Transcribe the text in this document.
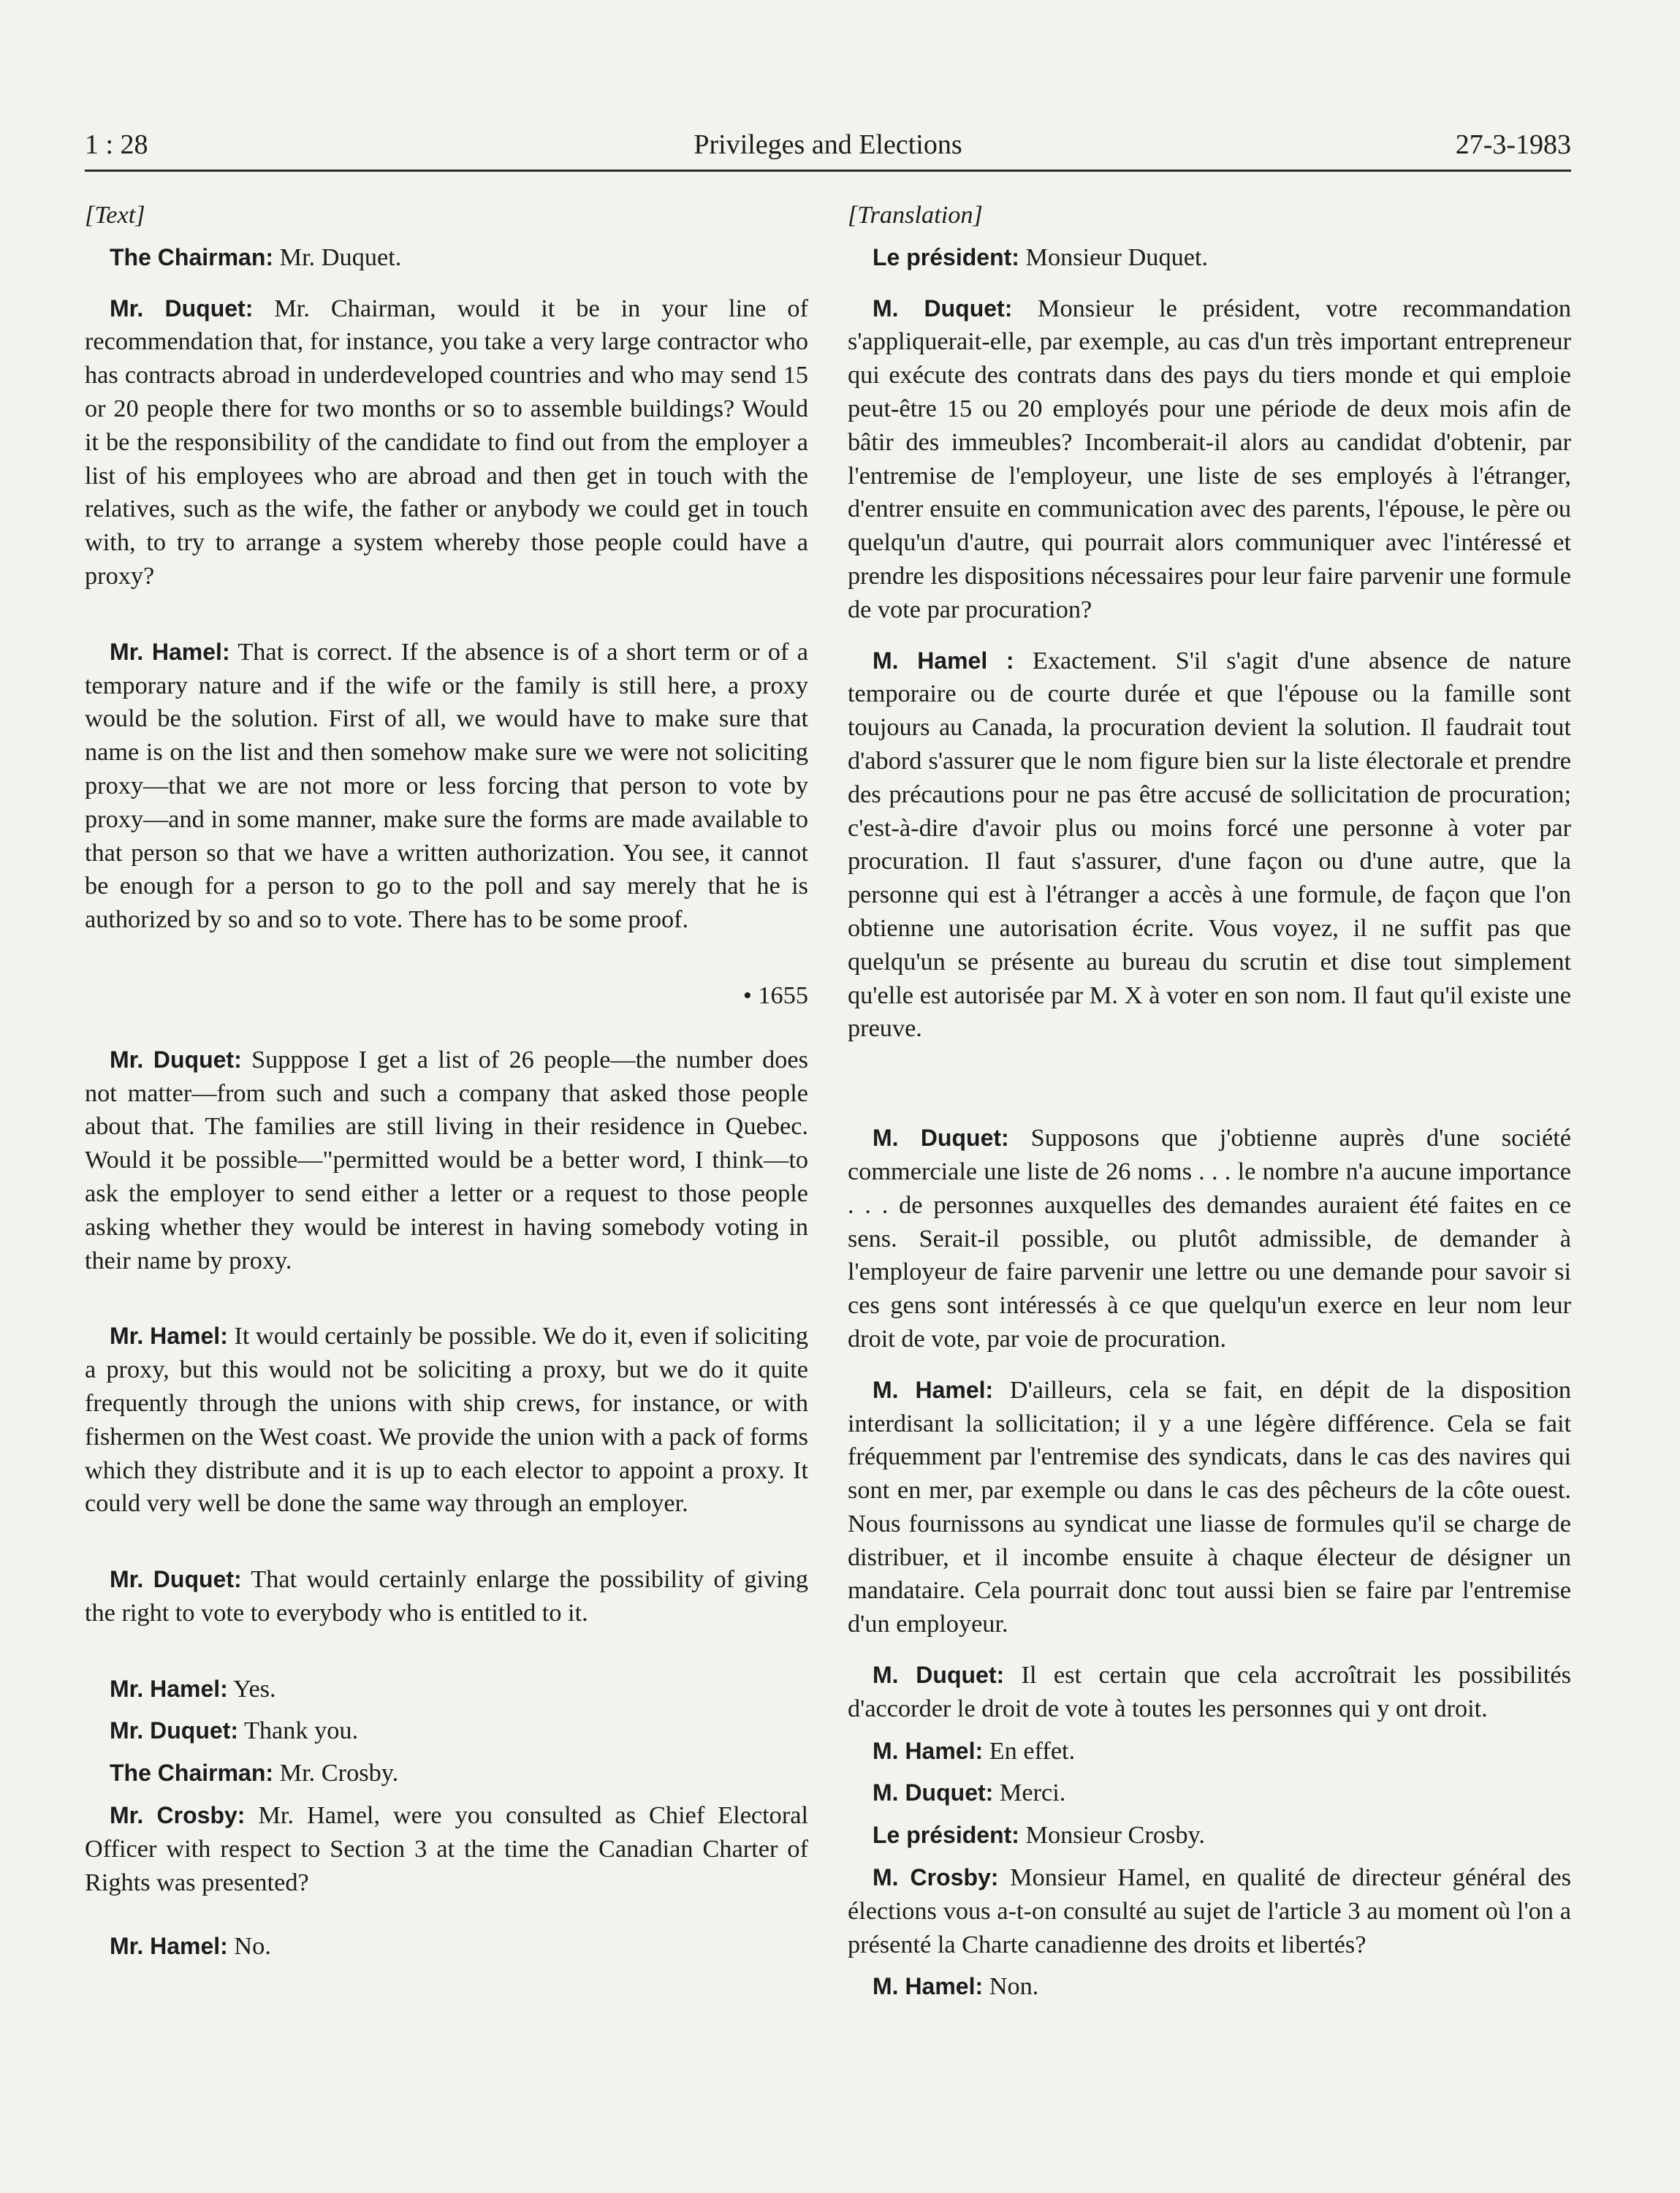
1 : 28	Privileges and Elections	27-3-1983

[Text]

The Chairman: Mr. Duquet.

Mr. Duquet: Mr. Chairman, would it be in your line of recommendation that, for instance, you take a very large contractor who has contracts abroad in underdeveloped countries and who may send 15 or 20 people there for two months or so to assemble buildings? Would it be the responsibility of the candidate to find out from the employer a list of his employees who are abroad and then get in touch with the relatives, such as the wife, the father or anybody we could get in touch with, to try to arrange a system whereby those people could have a proxy?

Mr. Hamel: That is correct. If the absence is of a short term or of a temporary nature and if the wife or the family is still here, a proxy would be the solution. First of all, we would have to make sure that name is on the list and then somehow make sure we were not soliciting proxy—that we are not more or less forcing that person to vote by proxy—and in some manner, make sure the forms are made available to that person so that we have a written authorization. You see, it cannot be enough for a person to go to the poll and say merely that he is authorized by so and so to vote. There has to be some proof.

• 1655

Mr. Duquet: Supppose I get a list of 26 people—the number does not matter—from such and such a company that asked those people about that. The families are still living in their residence in Quebec. Would it be possible—"permitted would be a better word, I think—to ask the employer to send either a letter or a request to those people asking whether they would be interest in having somebody voting in their name by proxy.

Mr. Hamel: It would certainly be possible. We do it, even if soliciting a proxy, but this would not be soliciting a proxy, but we do it quite frequently through the unions with ship crews, for instance, or with fishermen on the West coast. We provide the union with a pack of forms which they distribute and it is up to each elector to appoint a proxy. It could very well be done the same way through an employer.

Mr. Duquet: That would certainly enlarge the possibility of giving the right to vote to everybody who is entitled to it.

Mr. Hamel: Yes.

Mr. Duquet: Thank you.

The Chairman: Mr. Crosby.

Mr. Crosby: Mr. Hamel, were you consulted as Chief Electoral Officer with respect to Section 3 at the time the Canadian Charter of Rights was presented?

Mr. Hamel: No.

[Translation]

Le président: Monsieur Duquet.

M. Duquet: Monsieur le président, votre recommandation s'appliquerait-elle, par exemple, au cas d'un très important entrepreneur qui exécute des contrats dans des pays du tiers monde et qui emploie peut-être 15 ou 20 employés pour une période de deux mois afin de bâtir des immeubles? Incomberait-il alors au candidat d'obtenir, par l'entremise de l'employeur, une liste de ses employés à l'étranger, d'entrer ensuite en communication avec des parents, l'épouse, le père ou quelqu'un d'autre, qui pourrait alors communiquer avec l'intéressé et prendre les dispositions nécessaires pour leur faire parvenir une formule de vote par procuration?

M. Hamel : Exactement. S'il s'agit d'une absence de nature temporaire ou de courte durée et que l'épouse ou la famille sont toujours au Canada, la procuration devient la solution. Il faudrait tout d'abord s'assurer que le nom figure bien sur la liste électorale et prendre des précautions pour ne pas être accusé de sollicitation de procuration; c'est-à-dire d'avoir plus ou moins forcé une personne à voter par procuration. Il faut s'assurer, d'une façon ou d'une autre, que la personne qui est à l'étranger a accès à une formule, de façon que l'on obtienne une autorisation écrite. Vous voyez, il ne suffit pas que quelqu'un se présente au bureau du scrutin et dise tout simplement qu'elle est autorisée par M. X à voter en son nom. Il faut qu'il existe une preuve.

M. Duquet: Supposons que j'obtienne auprès d'une société commerciale une liste de 26 noms . . . le nombre n'a aucune importance . . . de personnes auxquelles des demandes auraient été faites en ce sens. Serait-il possible, ou plutôt admissible, de demander à l'employeur de faire parvenir une lettre ou une demande pour savoir si ces gens sont intéressés à ce que quelqu'un exerce en leur nom leur droit de vote, par voie de procuration.

M. Hamel: D'ailleurs, cela se fait, en dépit de la disposition interdisant la sollicitation; il y a une légère différence. Cela se fait fréquemment par l'entremise des syndicats, dans le cas des navires qui sont en mer, par exemple ou dans le cas des pêcheurs de la côte ouest. Nous fournissons au syndicat une liasse de formules qu'il se charge de distribuer, et il incombe ensuite à chaque électeur de désigner un mandataire. Cela pourrait donc tout aussi bien se faire par l'entremise d'un employeur.

M. Duquet: Il est certain que cela accroîtrait les possibilités d'accorder le droit de vote à toutes les personnes qui y ont droit.

M. Hamel: En effet.

M. Duquet: Merci.

Le président: Monsieur Crosby.

M. Crosby: Monsieur Hamel, en qualité de directeur général des élections vous a-t-on consulté au sujet de l'article 3 au moment où l'on a présenté la Charte canadienne des droits et libertés?

M. Hamel: Non.
